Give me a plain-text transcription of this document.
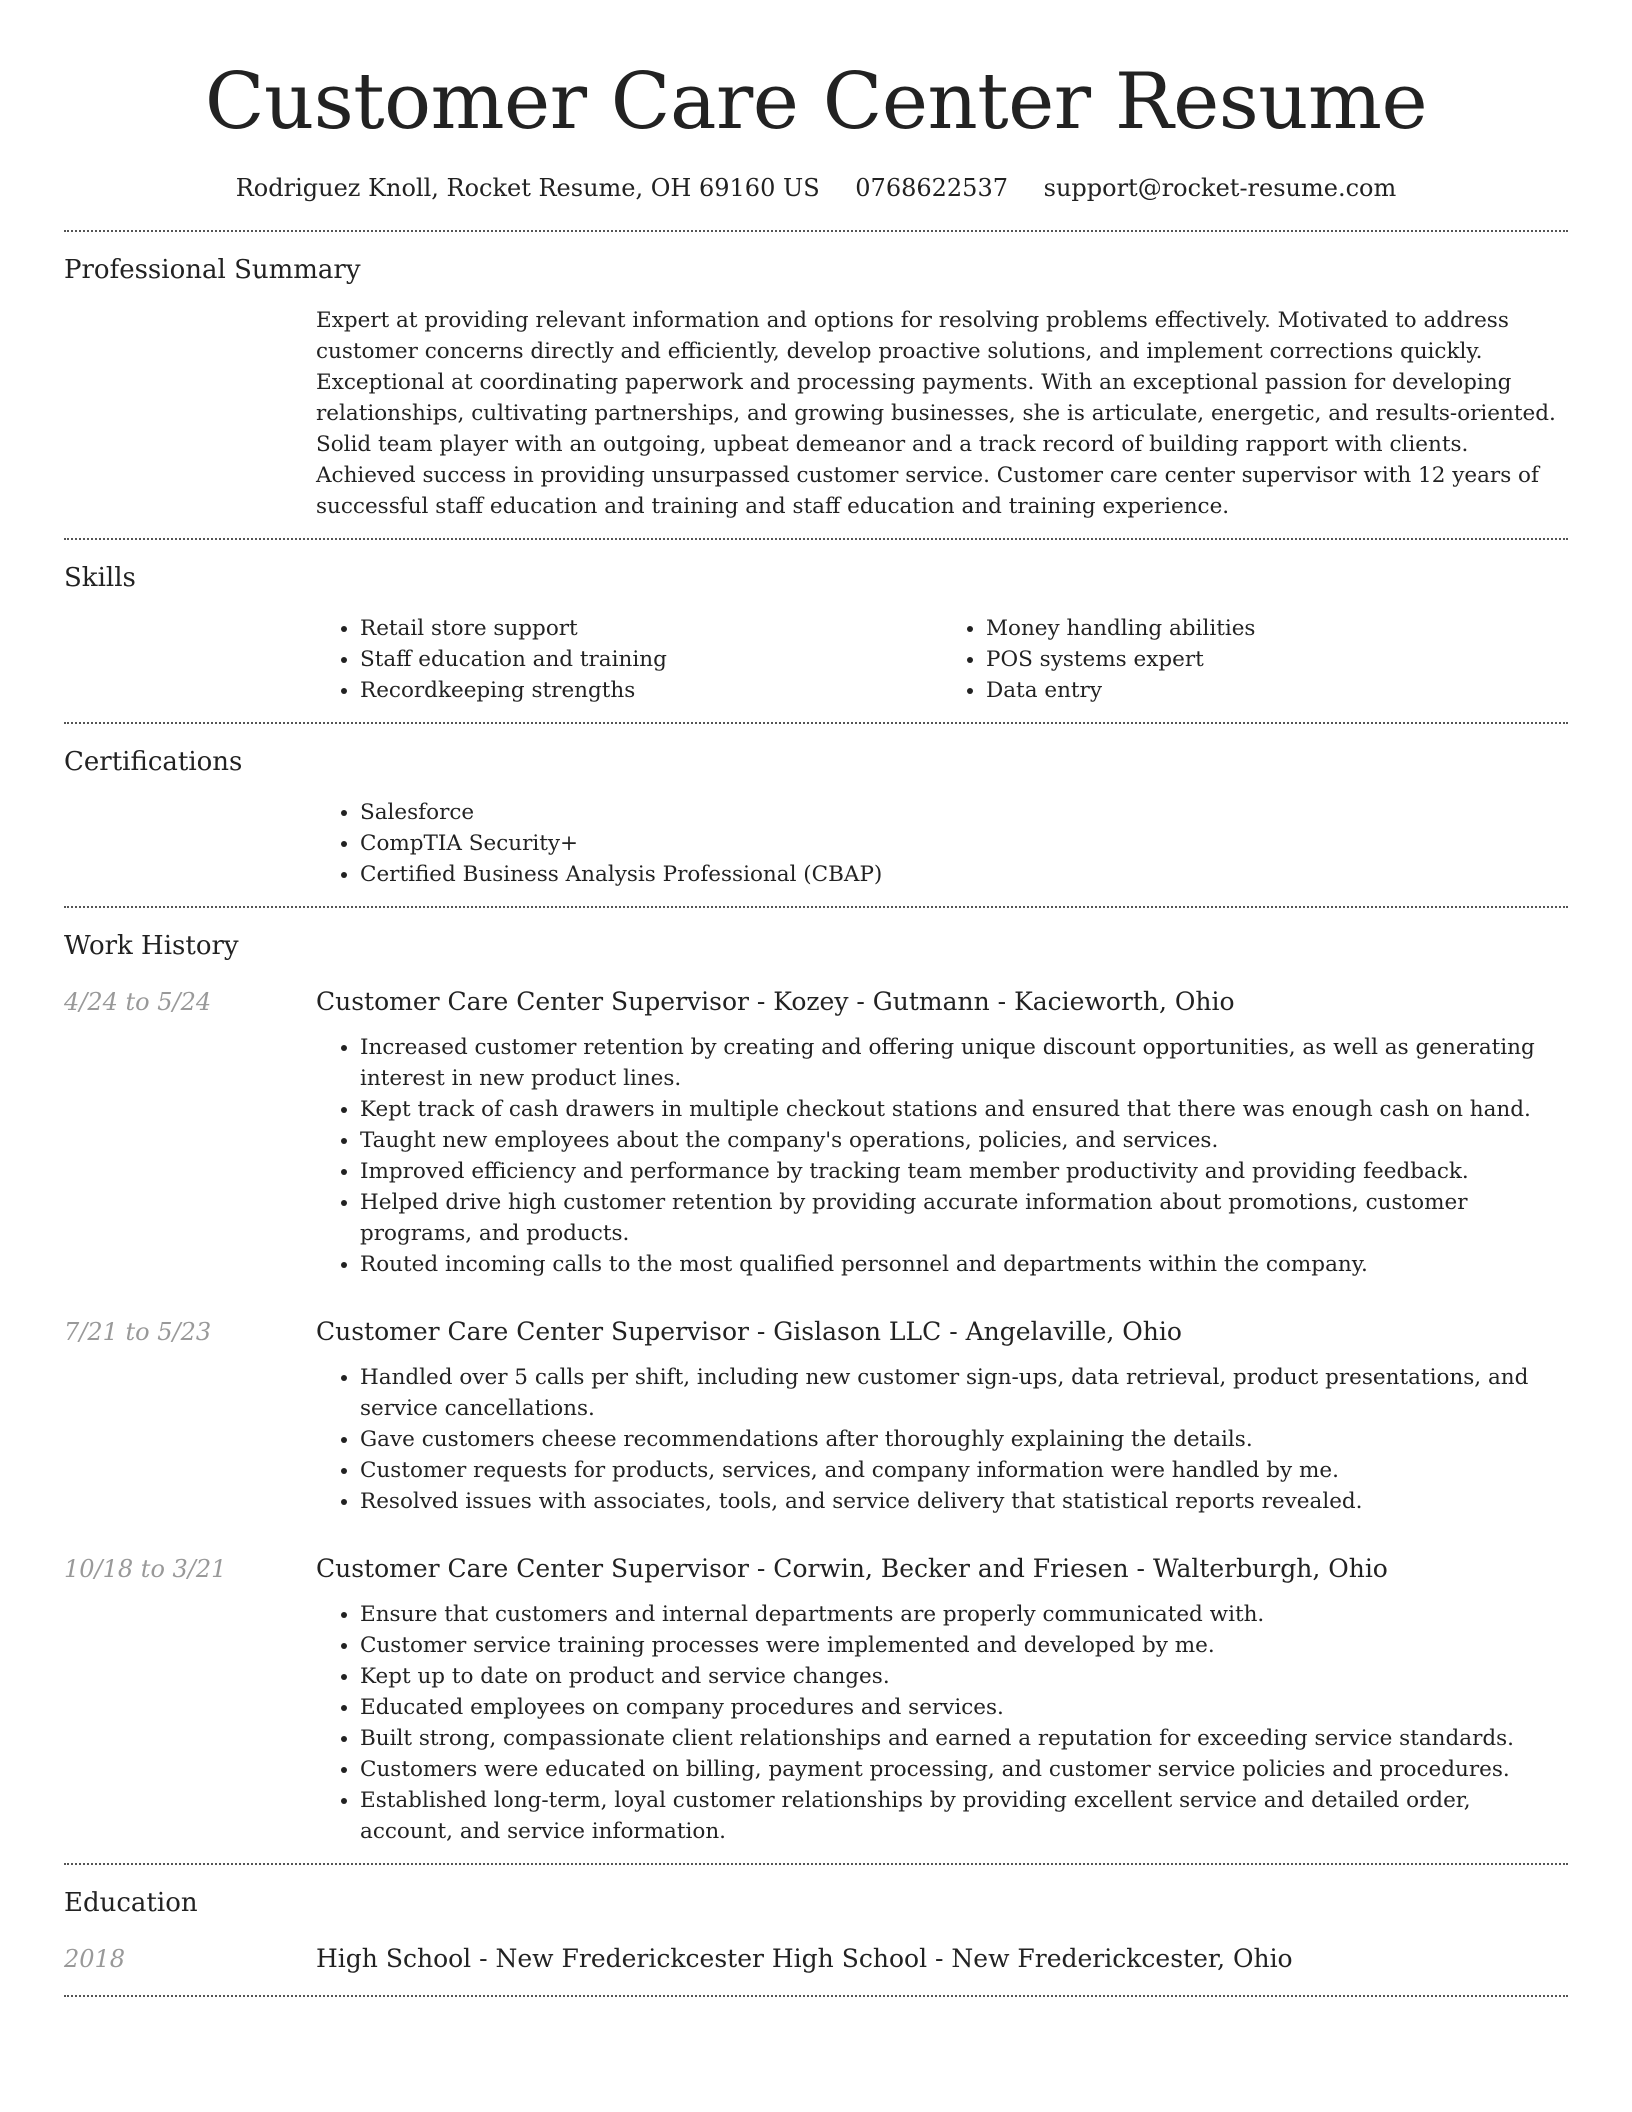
Customer Care Center Resume
Rodriguez Knoll, Rocket Resume, OH 69160 US 0768622537 support@rocket-resume.com
Professional Summary
Expert at providing relevant information and options for resolving problems effectively. Motivated to address customer concerns directly and efficiently, develop proactive solutions, and implement corrections quickly. Exceptional at coordinating paperwork and processing payments. With an exceptional passion for developing relationships, cultivating partnerships, and growing businesses, she is articulate, energetic, and results-oriented. Solid team player with an outgoing, upbeat demeanor and a track record of building rapport with clients. Achieved success in providing unsurpassed customer service. Customer care center supervisor with 12 years of successful staff education and training and staff education and training experience.
Skills
• Retail store support
• Staff education and training
• Recordkeeping strengths
• Money handling abilities
• POS systems expert
• Data entry
Certifications
• Salesforce
• CompTIA Security+
• Certified Business Analysis Professional (CBAP)
Work History
4/24 to 5/24	Customer Care Center Supervisor - Kozey - Gutmann - Kacieworth, Ohio
• Increased customer retention by creating and offering unique discount opportunities, as well as generating interest in new product lines.
• Kept track of cash drawers in multiple checkout stations and ensured that there was enough cash on hand.
• Taught new employees about the company's operations, policies, and services.
• Improved efficiency and performance by tracking team member productivity and providing feedback.
• Helped drive high customer retention by providing accurate information about promotions, customer programs, and products.
• Routed incoming calls to the most qualified personnel and departments within the company.
7/21 to 5/23	Customer Care Center Supervisor - Gislason LLC - Angelaville, Ohio
• Handled over 5 calls per shift, including new customer sign-ups, data retrieval, product presentations, and service cancellations.
• Gave customers cheese recommendations after thoroughly explaining the details.
• Customer requests for products, services, and company information were handled by me.
• Resolved issues with associates, tools, and service delivery that statistical reports revealed.
10/18 to 3/21	Customer Care Center Supervisor - Corwin, Becker and Friesen - Walterburgh, Ohio
• Ensure that customers and internal departments are properly communicated with.
• Customer service training processes were implemented and developed by me.
• Kept up to date on product and service changes.
• Educated employees on company procedures and services.
• Built strong, compassionate client relationships and earned a reputation for exceeding service standards.
• Customers were educated on billing, payment processing, and customer service policies and procedures.
• Established long-term, loyal customer relationships by providing excellent service and detailed order, account, and service information.
Education
2018	High School - New Frederickcester High School - New Frederickcester, Ohio
